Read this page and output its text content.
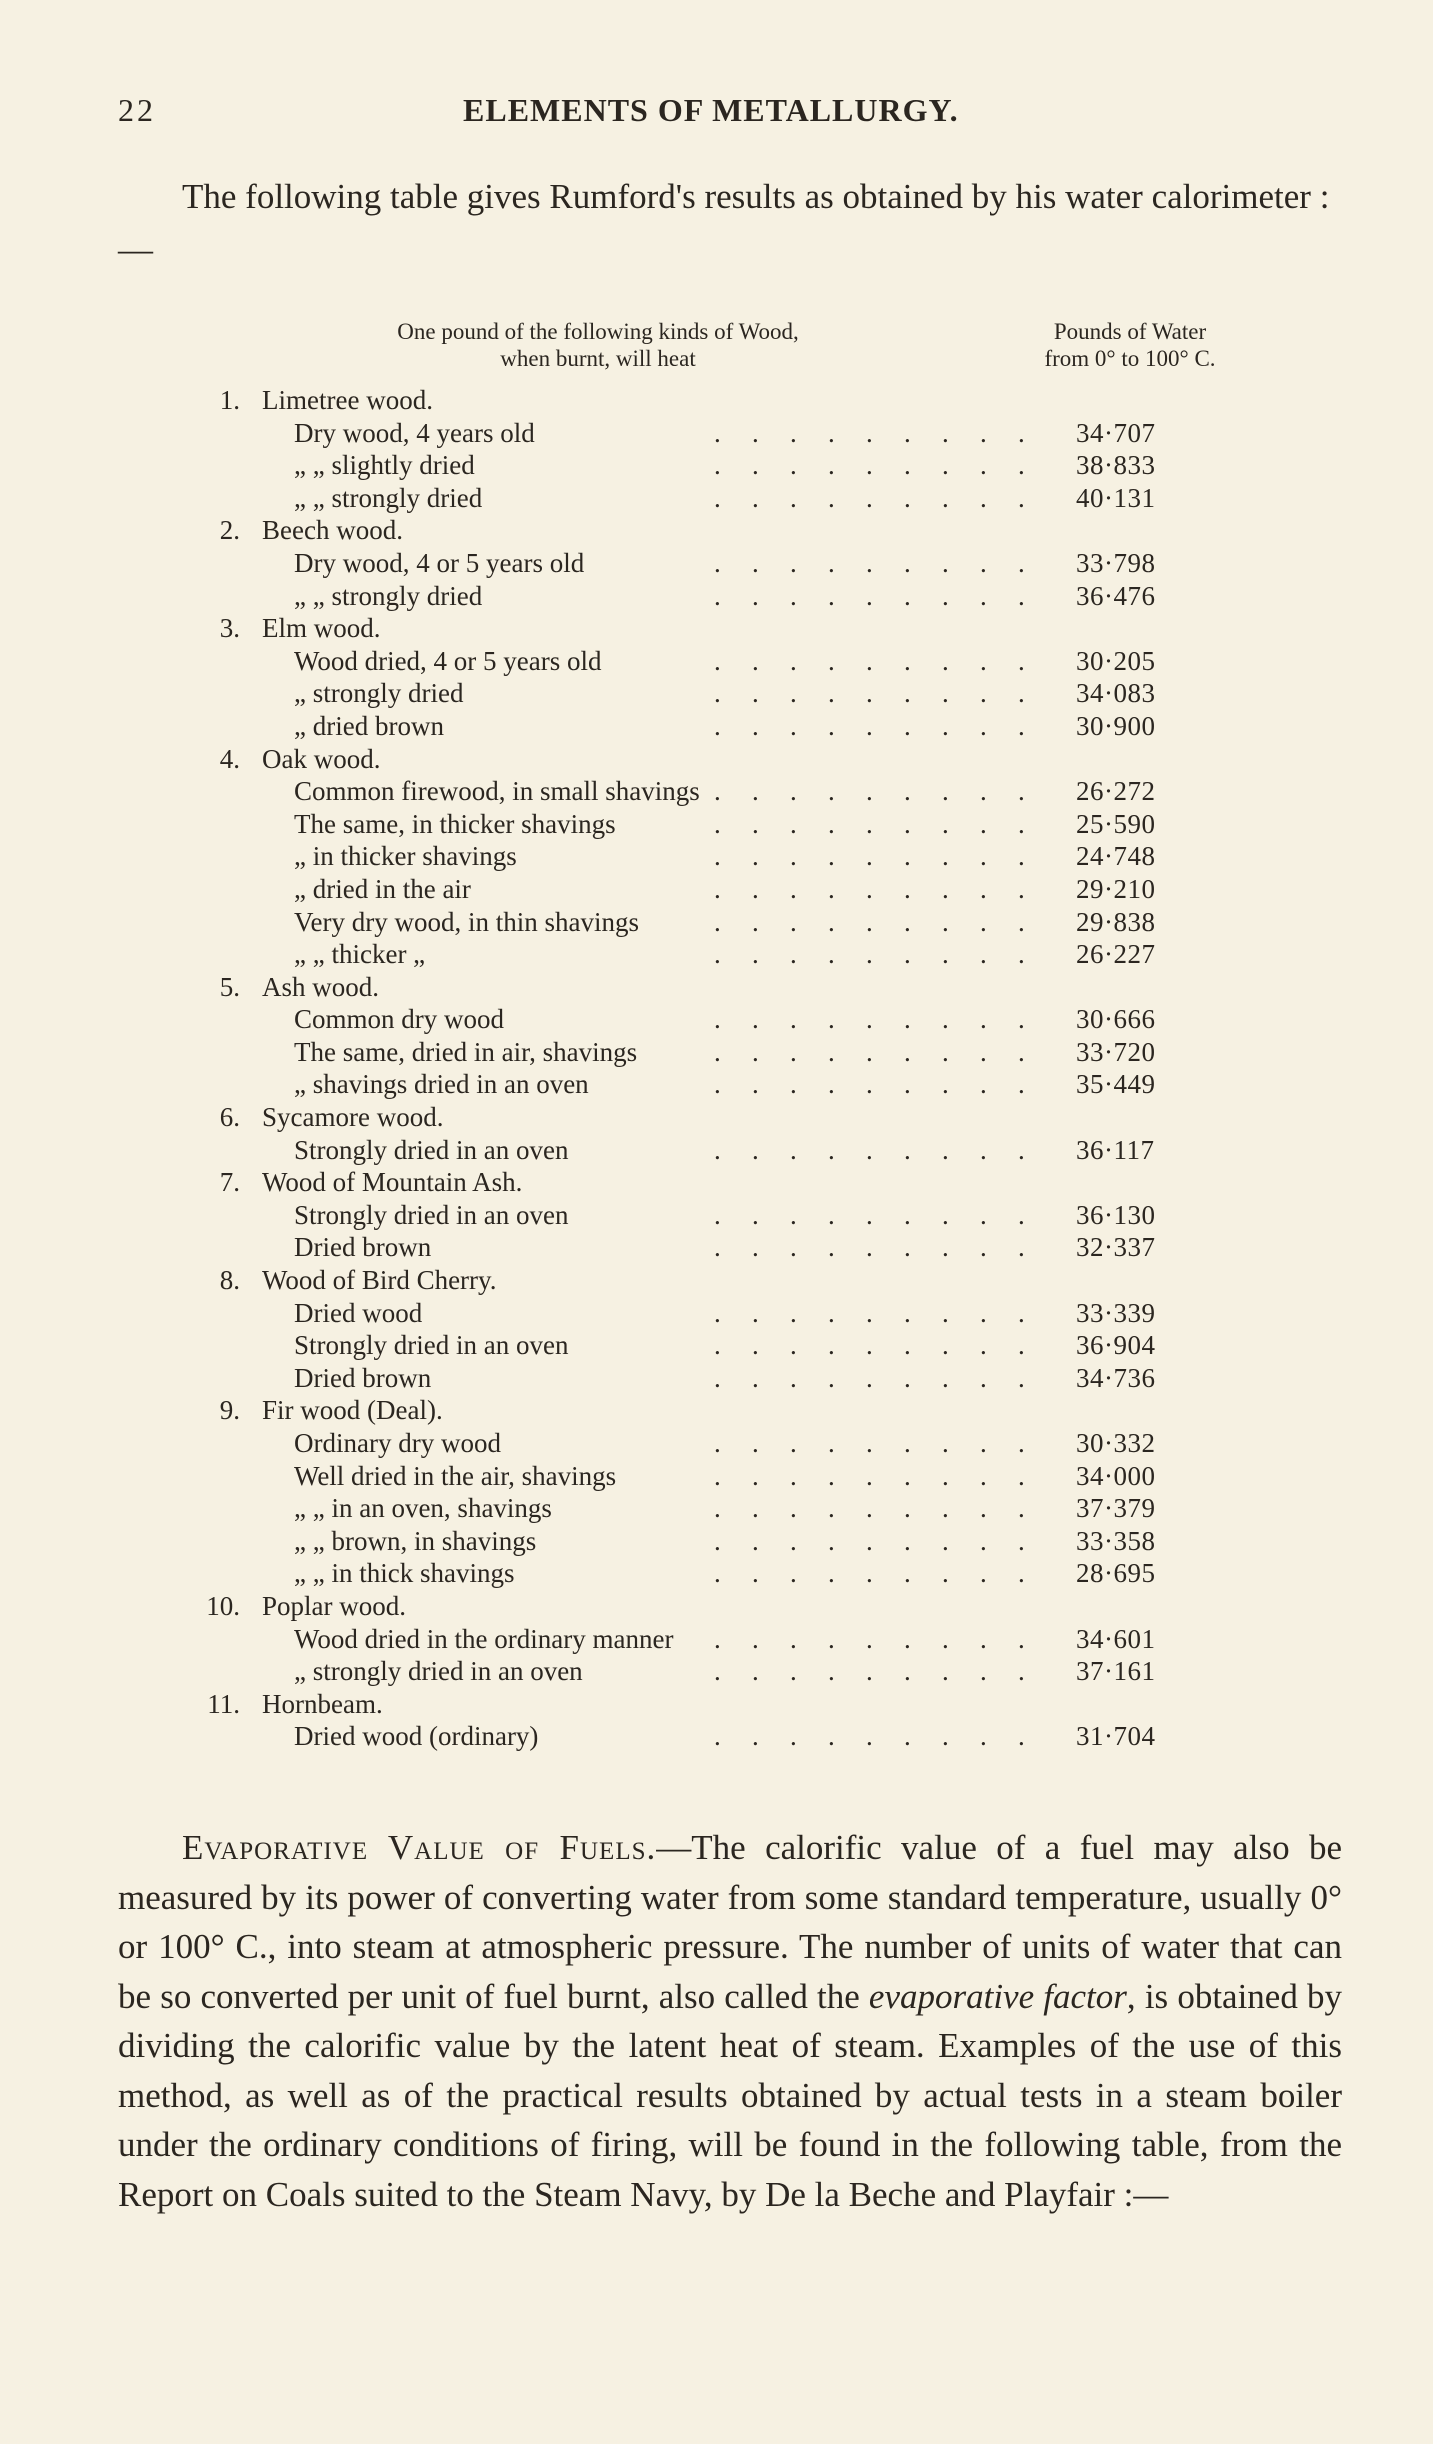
22	ELEMENTS OF METALLURGY.

The following table gives Rumford's results as obtained by his water calorimeter :—

One pound of the following kinds of Wood,
when burnt, will heat
Pounds of Water
from 0° to 100° C.
1. Limetree wood.
Dry wood, 4 years old	34·707
. . . . . . . . .
„ „ slightly dried	38·833
. . . . . . . . .
„ „ strongly dried	40·131
. . . . . . . . .
2. Beech wood.
Dry wood, 4 or 5 years old	33·798
. . . . . . . . .
„ „ strongly dried	36·476
. . . . . . . . .
3. Elm wood.
Wood dried, 4 or 5 years old	30·205
. . . . . . . . .
„ strongly dried	34·083
. . . . . . . . .
„ dried brown	30·900
. . . . . . . . .
4. Oak wood.
Common firewood, in small shavings	26·272
. . . . . . . . .
The same, in thicker shavings	25·590
. . . . . . . . .
„ in thicker shavings	24·748
. . . . . . . . .
„ dried in the air	29·210
. . . . . . . . .
Very dry wood, in thin shavings	29·838
. . . . . . . . .
„ „ thicker „	26·227
. . . . . . . . .
5. Ash wood.
Common dry wood	30·666
. . . . . . . . .
The same, dried in air, shavings	33·720
. . . . . . . . .
„ shavings dried in an oven	35·449
. . . . . . . . .
6. Sycamore wood.
Strongly dried in an oven	36·117
. . . . . . . . .
7. Wood of Mountain Ash.
Strongly dried in an oven	36·130
. . . . . . . . .
Dried brown	32·337
. . . . . . . . .
8. Wood of Bird Cherry.
Dried wood	33·339
. . . . . . . . .
Strongly dried in an oven	36·904
. . . . . . . . .
Dried brown	34·736
. . . . . . . . .
9. Fir wood (Deal).
Ordinary dry wood	30·332
. . . . . . . . .
Well dried in the air, shavings	34·000
. . . . . . . . .
„ „ in an oven, shavings	37·379
. . . . . . . . .
„ „ brown, in shavings	33·358
. . . . . . . . .
„ „ in thick shavings	28·695
. . . . . . . . .
10. Poplar wood.
Wood dried in the ordinary manner	34·601
. . . . . . . . .
„ strongly dried in an oven	37·161
. . . . . . . . .
11. Hornbeam.
Dried wood (ordinary)	31·704
. . . . . . . . .

Evaporative Value of Fuels.—The calorific value of a fuel may also be measured by its power of converting water from some standard temperature, usually 0° or 100° C., into steam at atmospheric pressure. The number of units of water that can be so converted per unit of fuel burnt, also called the evaporative factor, is obtained by dividing the calorific value by the latent heat of steam. Examples of the use of this method, as well as of the practical results obtained by actual tests in a steam boiler under the ordinary conditions of firing, will be found in the following table, from the Report on Coals suited to the Steam Navy, by De la Beche and Playfair :—
